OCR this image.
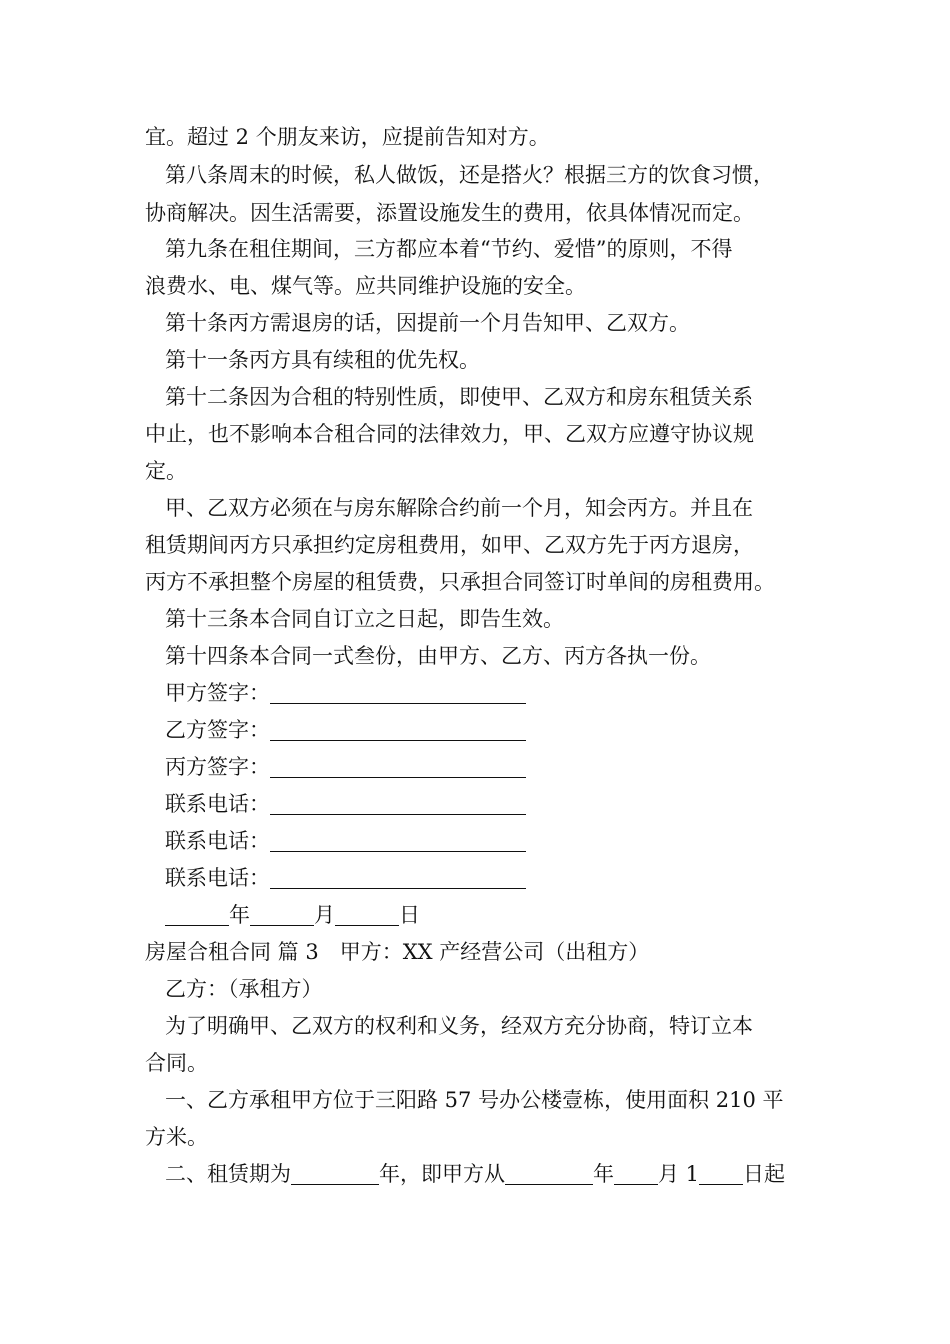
宜。超过 2 个朋友来访，应提前告知对方。
第八条周末的时候，私人做饭，还是搭火？根据三方的饮食习惯，
协商解决。因生活需要，添置设施发生的费用，依具体情况而定。
第九条在租住期间，三方都应本着“节约、爱惜”的原则，不得
浪费水、电、煤气等。应共同维护设施的安全。
第十条丙方需退房的话，因提前一个月告知甲、乙双方。
第十一条丙方具有续租的优先权。
第十二条因为合租的特别性质，即使甲、乙双方和房东租赁关系
中止，也不影响本合租合同的法律效力，甲、乙双方应遵守协议规
定。
甲、乙双方必须在与房东解除合约前一个月，知会丙方。并且在
租赁期间丙方只承担约定房租费用，如甲、乙双方先于丙方退房，
丙方不承担整个房屋的租赁费，只承担合同签订时单间的房租费用。
第十三条本合同自订立之日起，即告生效。
第十四条本合同一式叁份，由甲方、乙方、丙方各执一份。
甲方签字：
乙方签字：
丙方签字：
联系电话：
联系电话：
联系电话：
年	月	日
房屋合租合同 篇 3　甲方：XX 产经营公司（出租方）
乙方：（承租方）
为了明确甲、乙双方的权利和义务，经双方充分协商，特订立本
合同。
一、乙方承租甲方位于三阳路 57 号办公楼壹栋，使用面积 210 平
方米。
二、租赁期为	年，即甲方从	年 月 1 日起
